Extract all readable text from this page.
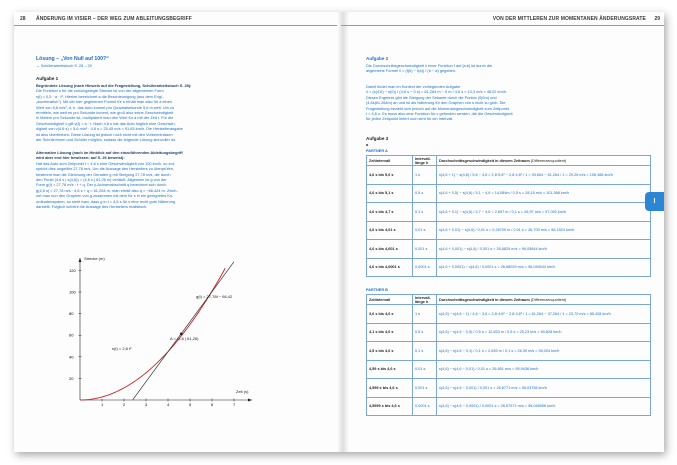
28 ÄNDERUNG IM VISIER – DER WEG ZUM ABLEITUNGSBEGRIFF	VON DER MITTLEREN ZUR MOMENTANEN ÄNDERUNGSRATE 29
Lösung – „Von Null auf 100?“
→ Schülerarbeitsbuch S. 28 – 29
Aufgabe 1
Begründete Lösung (nach Hinweis auf die Fragestellung, Schülerarbeitsbuch S. 28):
Die Funktion s für die zurückgelegte Strecke ist von der allgemeinen Form
s(t) = 0,5 · a · t². Hierbei bezeichnet a die Beschleunigung (aus dem Engl.,
„acceleration“). Mit der hier gegebenen Formel für s erhält man also für a einen
Wert von 5,6 m/s², d. h. das Auto kommt pro Quadratsekunde 5,6 m weit. Um zu
ermitteln, wie weit es pro Sekunde kommt, wie groß also seine Geschwindigkeit
in Metern pro Sekunde ist, multipliziert man den Wert für a mit der Zeit t. Für die
Geschwindigkeit v gilt v(t) = a · t. Nach 4,6 s hat das Auto folglich eine Geschwin-
digkeit von v(4,6 s) = 5,6 m/s² · 4,6 s = 25,45 m/s ≈ 91,63 km/h. Die Herstellerangabe
ist also übertrieben. Diese Lösung ist jedoch noch nicht mit den Vorkenntnissen
der Schülerinnen und Schüler möglich, sodass die folgende Lösung sinnvoller ist.
Alternative Lösung (nach im Hinblick auf den einzuführenden Ableitungsbegriff
wird aber erst hier bewiesen: auf S. 26 beweist):
Hat das Auto zum Zeitpunkt t = 4,6 s eine Geschwindigkeit von 100 km/h, so ent-
spricht dies ungefähr 27,78 m/s. Um die Aussage des Herstellers zu überprüfen,
bestimmt man die Gleichung der Geraden g mit Steigung 27,78 m/s, die durch
den Punkt (4,6 s | s(4,6)) = (4,6 s | 61,26 m) verläuft. Allgemein ist g von der
Form g(t) = 27,78 m/s · t + q. Der y-Achsenabschnitt q berechnet sich durch
g(4,6 s) = 27,78 m/s · 4,6 s + q = 61,264 m, man erhält also q = −66,424 m. Zeich-
net man nun den Graphen von g zusammen mit dem für s in ein geeignetes Ko-
ordinatensystem, so sieht man, dass g in t = 4,6 s für s eine recht gute Näherung
darstellt. Folglich scheint die Aussage des Herstellers realistisch.
Strecke (m)
Zeit (s)
1	2	3	4	5	6	7
20
40
60
80
100
120
s(t) = 2,8 t²
g(t) = 27,78t − 66,42
A = (4,6 | 61,26)
Aufgabe 2
Die Durchschnittsgeschwindigkeit v̄ einer Funktion f auf [a;b] ist durch die
allgemeine Formel v̄ = (f(b) − f(a)) / (b − a) gegeben.
Damit findet man im Kontext der vorliegenden Aufgabe
v̄ = (s(4,6) − s(0)) / (4,6 s − 0 s) = 61,264 m − 0 m / 4,6 s ≈ 13,3 m/s ≈ 48,02 km/h.
Dieses Ergebnis gibt die Steigung der Sekante durch die Punkte (0|0m) und
(4,6s|61,264m) an und ist als Näherung für den Graphen von s nicht zu grob. Die
Fragestellung bezieht sich jedoch auf die Momentangeschwindigkeit zum Zeitpunkt
t = 4,6 s. Es muss also eine Funktion für v gefunden werden, die die Geschwindigkeit
für jeden Zeitpunkt liefert und nicht für ein Intervall.
Aufgabe 3
a
PARTNER A
Zeitintervall	Intervall-
länge h	Durchschnittsgeschwindigkeit in diesem Zeitraum (Differenzenquotient)
4,6 s bis 5,6 s	1 s	s(4,6 + 1) − s(4,6) / 5,6 − 4,6 = 2,8·5,6² − 2,8·4,6² / 1 = 93,664 − 61,264 / 1 = 29,26 m/s = 106,488 km/h
4,6 s bis 5,1 s	0,5 s	s(4,6 + 0,5) − s(4,6) / 5,1 − 4,6 = 14,084m / 0,5 s = 28,15 m/s ≈ 101,368 km/h
4,6 s bis 4,7 s	0,1 s	s(4,6 + 0,1) − s(4,6) / 4,7 − 4,6 = 2,697 m / 0,1 s = 26,97 m/s = 97,092 km/h
4,6 s bis 4,61 s	0,01 s	s(4,6 + 0,01) − s(4,6) / 0,01 s = 0,26709 m / 0,01 s = 26,709 m/s = 96,1524 km/h
4,6 s bis 4,601 s	0,001 s	s(4,6 + 0,001) − s(4,6) / 0,001 s = 26,6829 m/s = 96,05844 km/h
4,6 s bis 4,6001 s	0,0001 s	s(4,6 + 0,0001) − s(4,6) / 0,0001 s = 26,68029 m/s = 96,049044 km/h
PARTNER B
Zeitintervall	Intervall-
länge h	Durchschnittsgeschwindigkeit in diesem Zeitraum (Differenzenquotient)
3,6 s bis 4,6 s	1 s	s(4,6) − s(4,6 − 1) / 4,6 − 3,6 = 2,8·4,6² − 2,8·3,6² / 1 = 61,264 − 37,264 / 1 = 23,70 m/s = 85,428 km/h
4,1 s bis 4,6 s	0,5 s	s(4,6) − s(4,6 − 0,5) / 0,5 s = 12,653 m / 0,5 s = 25,23 m/s = 90,828 km/h
4,5 s bis 4,6 s	0,1 s	s(4,6) − s(4,6 − 0,1) / 0,1 s = 2,639 m / 0,1 s = 26,39 m/s = 95,004 km/h
4,59 s bis 4,6 s	0,01 s	s(4,6) − s(4,6 − 0,01) / 0,01 s = 26,651 m/s = 95,9436 km/h
4,599 s bis 4,6 s	0,001 s	s(4,6) − s(4,6 − 0,001) / 0,001 s = 26,6771 m/s = 96,03756 km/h
4,5999 s bis 4,6 s	0,0001 s	s(4,6) − s(4,6 − 0,0001) / 0,0001 s = 26,67971 m/s = 96,046956 km/h
I
